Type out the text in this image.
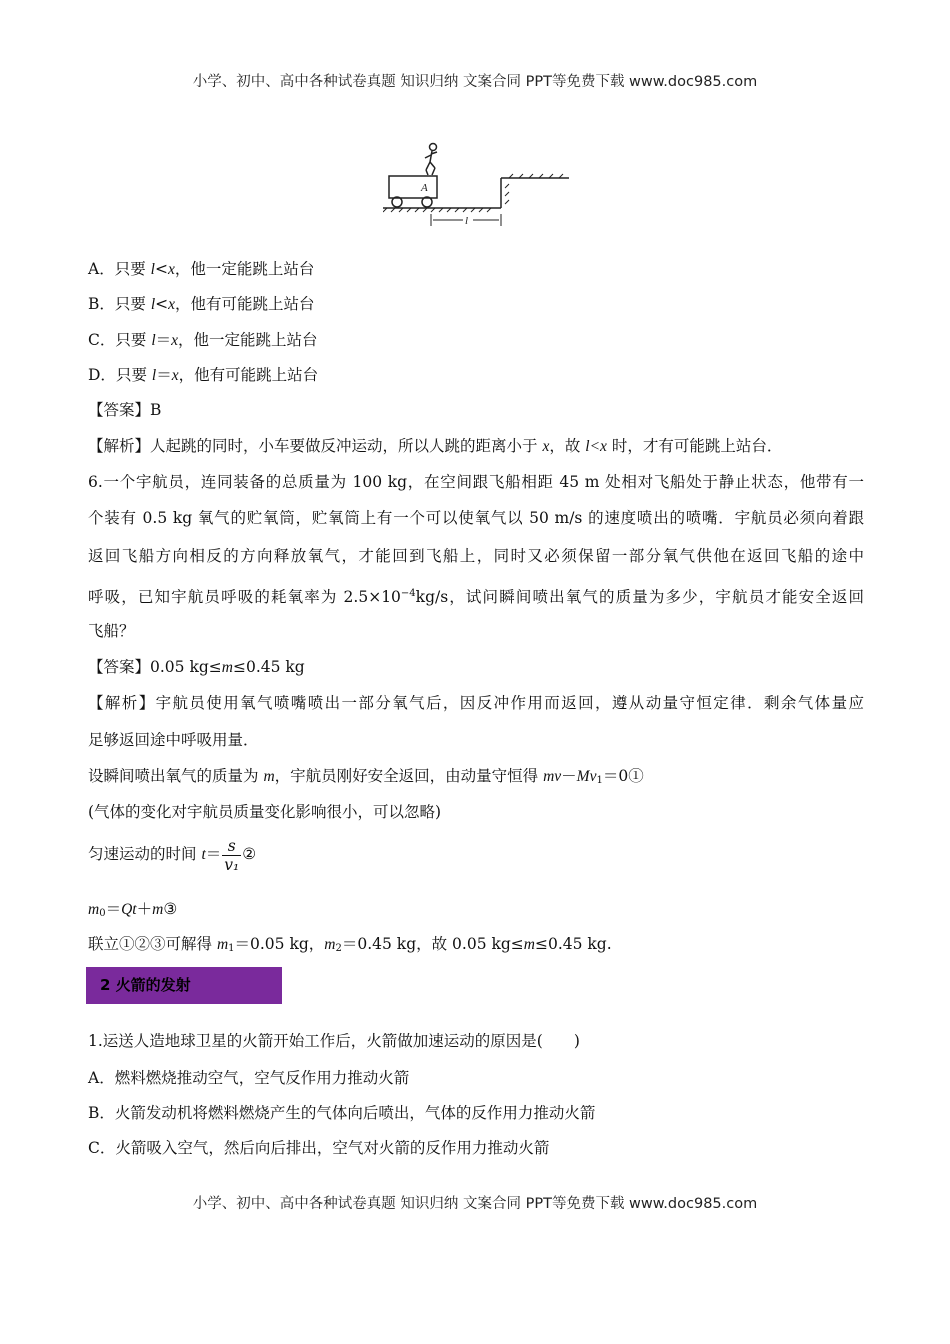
小学、初中、高中各种试卷真题 知识归纳 文案合同 PPT等免费下载 www.doc985.com
A
l
A．只要 l<x，他一定能跳上站台
B．只要 l<x，他有可能跳上站台
C．只要 l＝x，他一定能跳上站台
D．只要 l＝x，他有可能跳上站台
【答案】B
【解析】人起跳的同时，小车要做反冲运动，所以人跳的距离小于 x，故 l<x 时，才有可能跳上站台．
6.一个宇航员，连同装备的总质量为 100 kg，在空间跟飞船相距 45 m 处相对飞船处于静止状态，他带有一
个装有 0.5 kg 氧气的贮氧筒，贮氧筒上有一个可以使氧气以 50 m/s 的速度喷出的喷嘴．宇航员必须向着跟
返回飞船方向相反的方向释放氧气，才能回到飞船上，同时又必须保留一部分氧气供他在返回飞船的途中
呼吸，已知宇航员呼吸的耗氧率为 $2.5\times 10^{-4}kg/s$，试问瞬间喷出氧气的质量为多少，宇航员才能安全返回
飞船？
【答案】0.05 kg≤m≤0.45 kg
【解析】宇航员使用氧气喷嘴喷出一部分氧气后，因反冲作用而返回，遵从动量守恒定律．剩余气体量应
足够返回途中呼吸用量．
设瞬间喷出氧气的质量为 m，宇航员刚好安全返回，由动量守恒得 $mv-Mv_1=0①$
(气体的变化对宇航员质量变化影响很小，可以忽略)
匀速运动的时间 $t= \frac{s}{\text{v₁}}$ ②
$m_0=Qt+m③$
联立①②③可解得 $m_1=0.05$ kg，$m_2=0.45$ kg，故 0.05 kg≤m≤0.45 kg.
2 火箭的发射
1.运送人造地球卫星的火箭开始工作后，火箭做加速运动的原因是(　　)
A．燃料燃烧推动空气，空气反作用力推动火箭
B．火箭发动机将燃料燃烧产生的气体向后喷出，气体的反作用力推动火箭
C．火箭吸入空气，然后向后排出，空气对火箭的反作用力推动火箭
小学、初中、高中各种试卷真题 知识归纳 文案合同 PPT等免费下载 www.doc985.com
